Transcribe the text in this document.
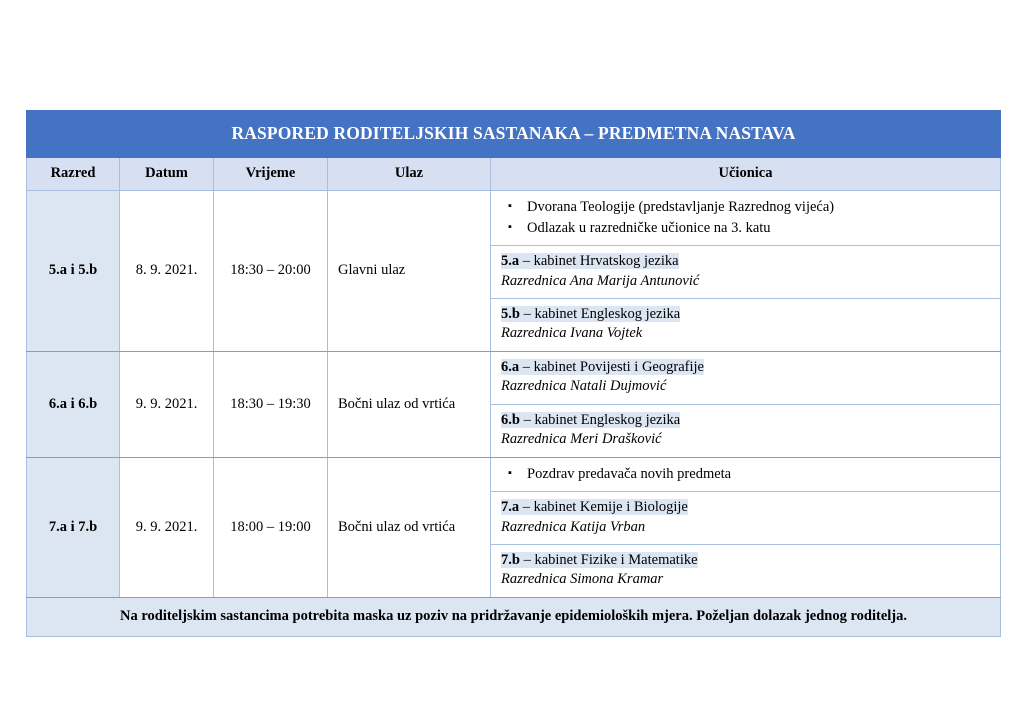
RASPORED RODITELJSKIH SASTANAKA – PREDMETNA NASTAVA				
Razred	Datum	Vrijeme	Ulaz	Učionica
5.a i 5.b	8. 9. 2021.	18:30 – 20:00	Glavni ulaz	
▪	Dvorana Teologije (predstavljanje Razrednog vijeća)
▪	Odlazak u razredničke učionice na 3. katu
5.a – kabinet Hrvatskog jezika
Razrednica Ana Marija Antunović
5.b – kabinet Engleskog jezika
Razrednica Ivana Vojtek

6.a i 6.b	9. 9. 2021.	18:30 – 19:30	Bočni ulaz od vrtića	6.a – kabinet Povijesti i Geografije
Razrednica Natali Dujmović
6.b – kabinet Engleskog jezika
Razrednica Meri Drašković

7.a i 7.b	9. 9. 2021.	18:00 – 19:00	Bočni ulaz od vrtića	
▪	Pozdrav predavača novih predmeta
7.a – kabinet Kemije i Biologije
Razrednica Katija Vrban
7.b – kabinet Fizike i Matematike
Razrednica Simona Kramar

Na roditeljskim sastancima potrebita maska uz poziv na pridržavanje epidemioloških mjera. Poželjan dolazak jednog roditelja.				
